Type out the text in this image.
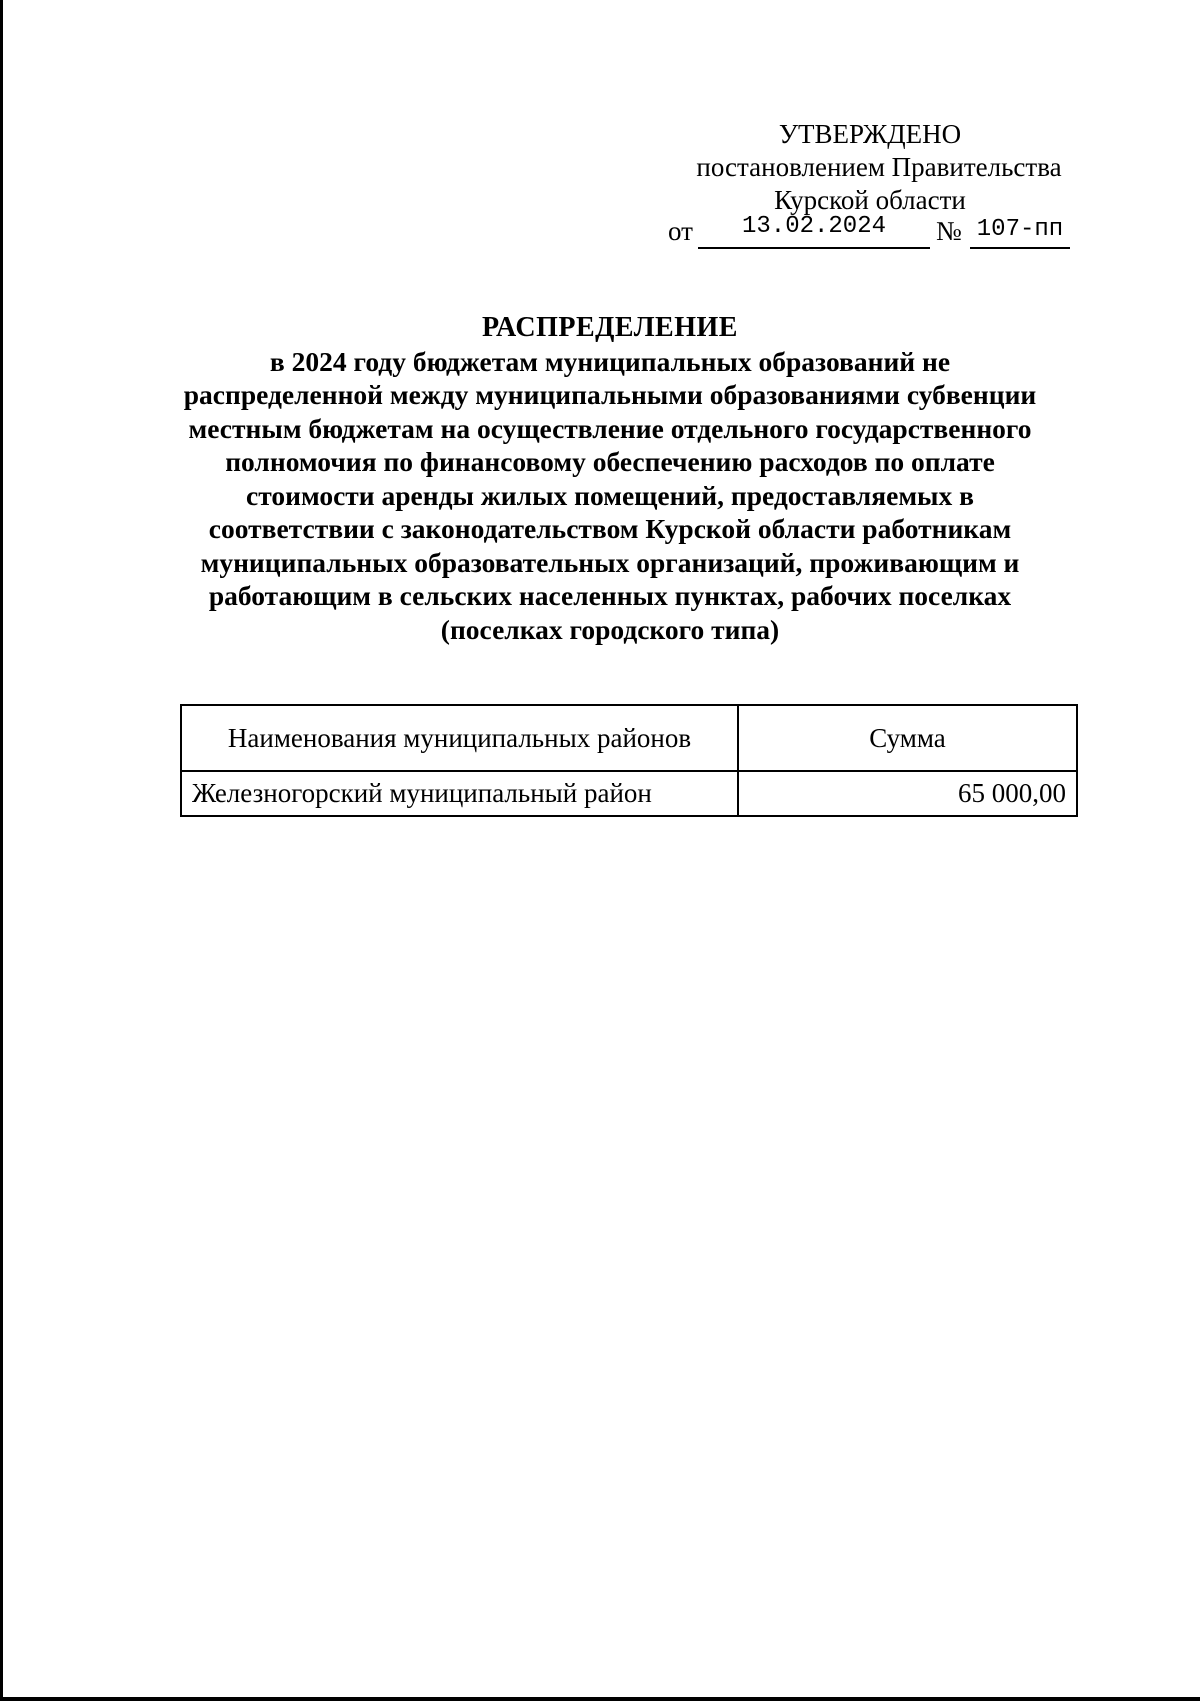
УТВЕРЖДЕНО
постановлением Правительства
Курской области
от	13.02.2024	№ 107-пп
РАСПРЕДЕЛЕНИЕ
в 2024 году бюджетам муниципальных образований не
распределенной между муниципальными образованиями субвенции
местным бюджетам на осуществление отдельного государственного
полномочия по финансовому обеспечению расходов по оплате
стоимости аренды жилых помещений, предоставляемых в
соответствии с законодательством Курской области работникам
муниципальных образовательных организаций, проживающим и
работающим в сельских населенных пунктах, рабочих поселках
(поселках городского типа)
Наименования муниципальных районов	Сумма
Железногорский муниципальный район	65 000,00
